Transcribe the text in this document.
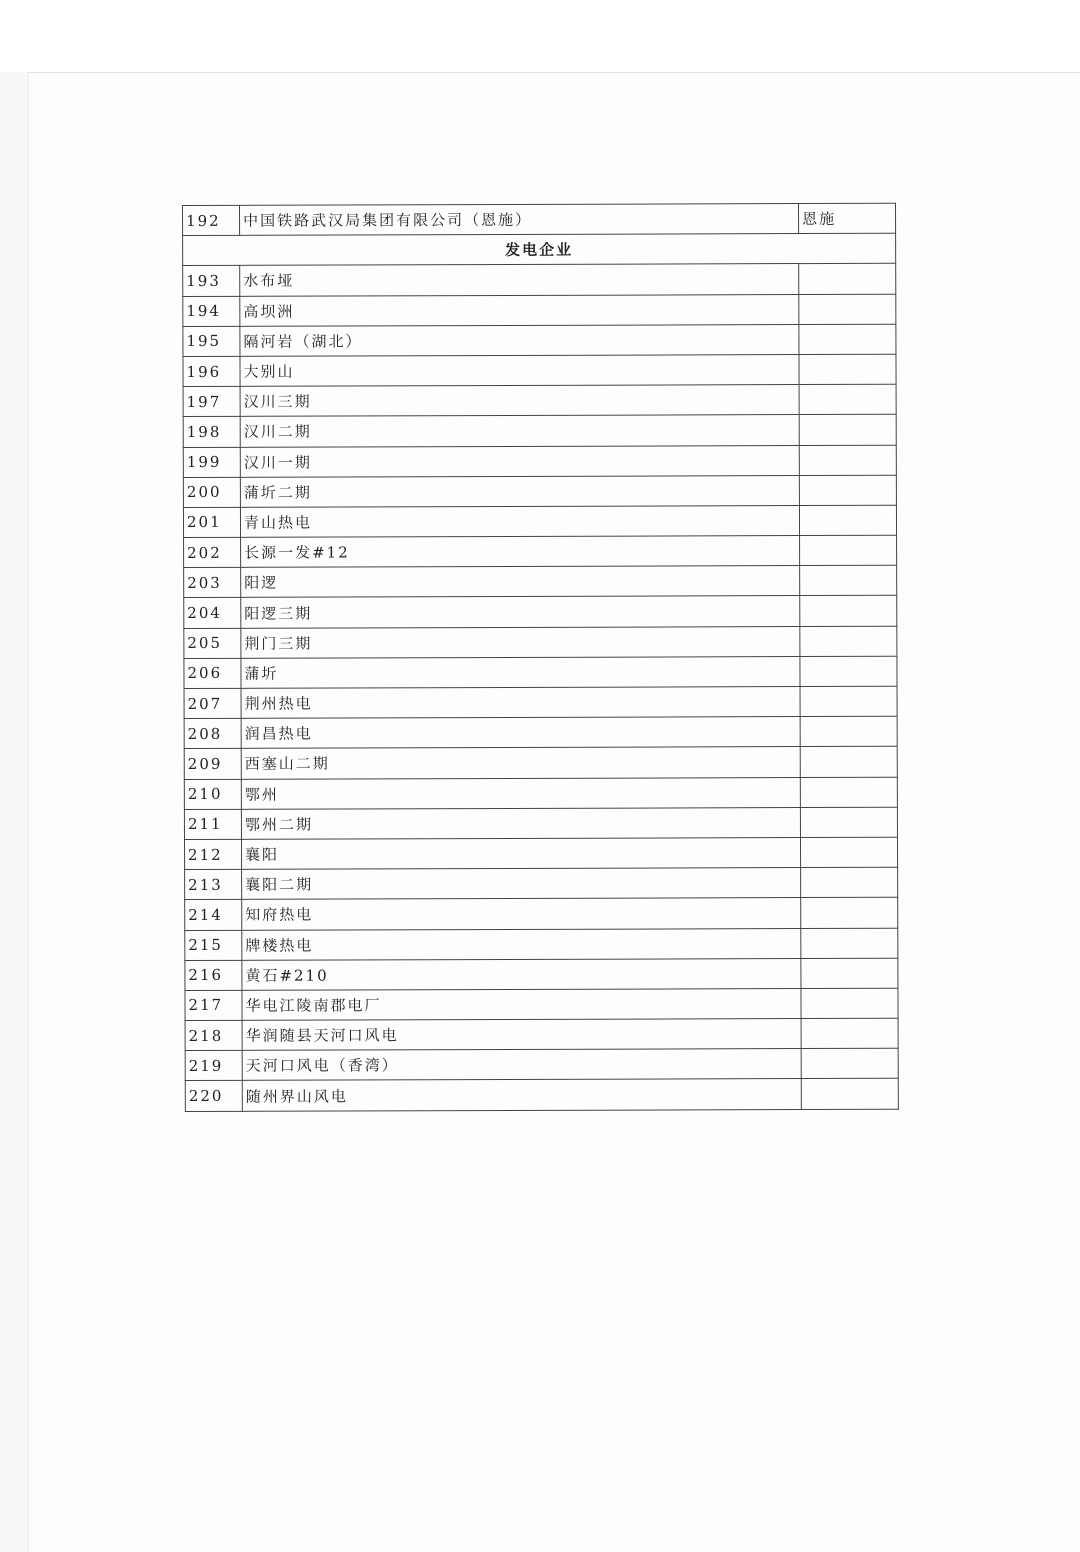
192	中国铁路武汉局集团有限公司（恩施）	恩施
发电企业		
193	水布垭	
194	高坝洲	
195	隔河岩（湖北）	
196	大别山	
197	汉川三期	
198	汉川二期	
199	汉川一期	
200	蒲圻二期	
201	青山热电	
202	长源一发#12	
203	阳逻	
204	阳逻三期	
205	荆门三期	
206	蒲圻	
207	荆州热电	
208	润昌热电	
209	西塞山二期	
210	鄂州	
211	鄂州二期	
212	襄阳	
213	襄阳二期	
214	知府热电	
215	牌楼热电	
216	黄石#210	
217	华电江陵南郡电厂	
218	华润随县天河口风电	
219	天河口风电（香湾）	
220	随州界山风电	
